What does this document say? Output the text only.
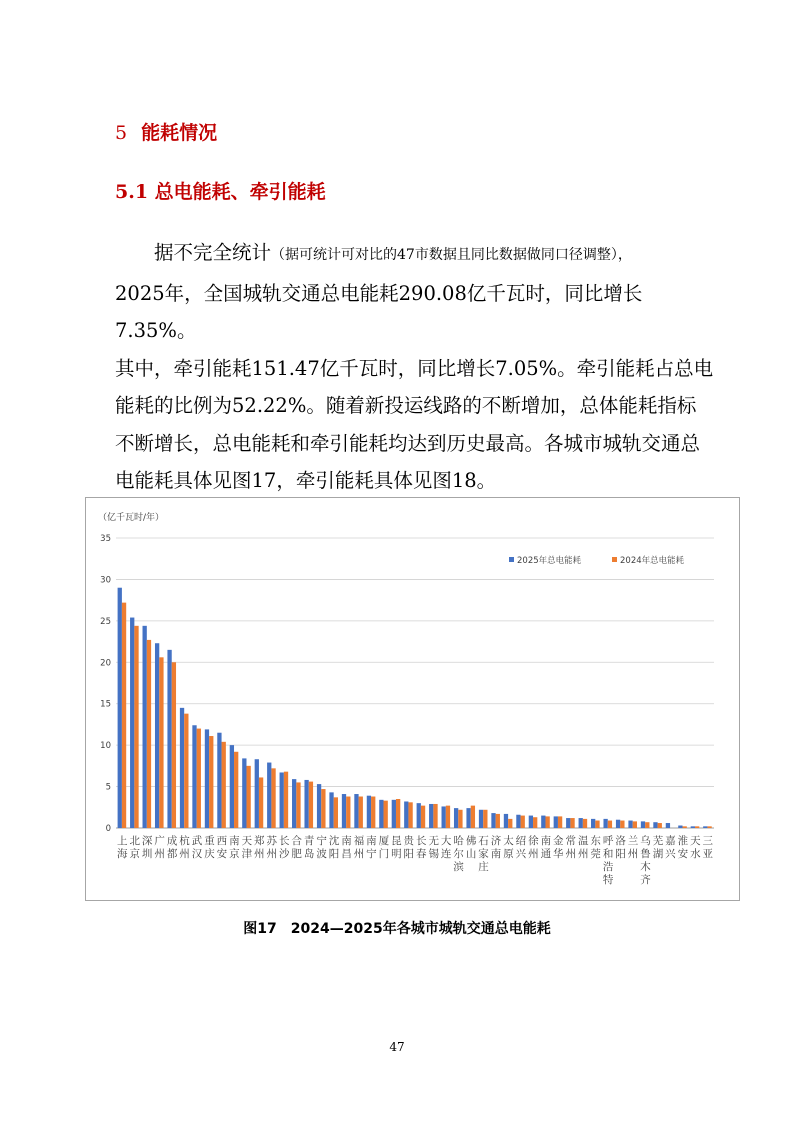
5 能耗情况
5.1 总电能耗、牵引能耗

据不完全统计（据可统计可对比的47市数据且同比数据做同口径调整），

2025年，全国城轨交通总电能耗290.08亿千瓦时，同比增长7.35%。

其中，牵引能耗151.47亿千瓦时，同比增长7.05%。牵引能耗占总电

能耗的比例为52.22%。随着新投运线路的不断增加，总体能耗指标

不断增长，总电能耗和牵引能耗均达到历史最高。各城市城轨交通总

电能耗具体见图17，牵引能耗具体见图18。

（亿千瓦时/年）
0
5
10
15
20
25
30
35
上海
北京
深圳
广州
成都
杭州
武汉
重庆
西安
南京
天津
郑州
苏州
长沙
合肥
青岛
宁波
沈阳
南昌
福州
南宁
厦门
昆明
贵阳
长春
无锡
大连
哈尔滨
佛山
石家庄
济南
太原
绍兴
徐州
南通
金华
常州
温州
东莞
呼和浩特
洛阳
兰州
乌鲁木齐
芜湖
嘉兴
淮安
天水
三亚
2025年总电能耗	2024年总电能耗
图17 2024—2025年各城市城轨交通总电能耗
47
